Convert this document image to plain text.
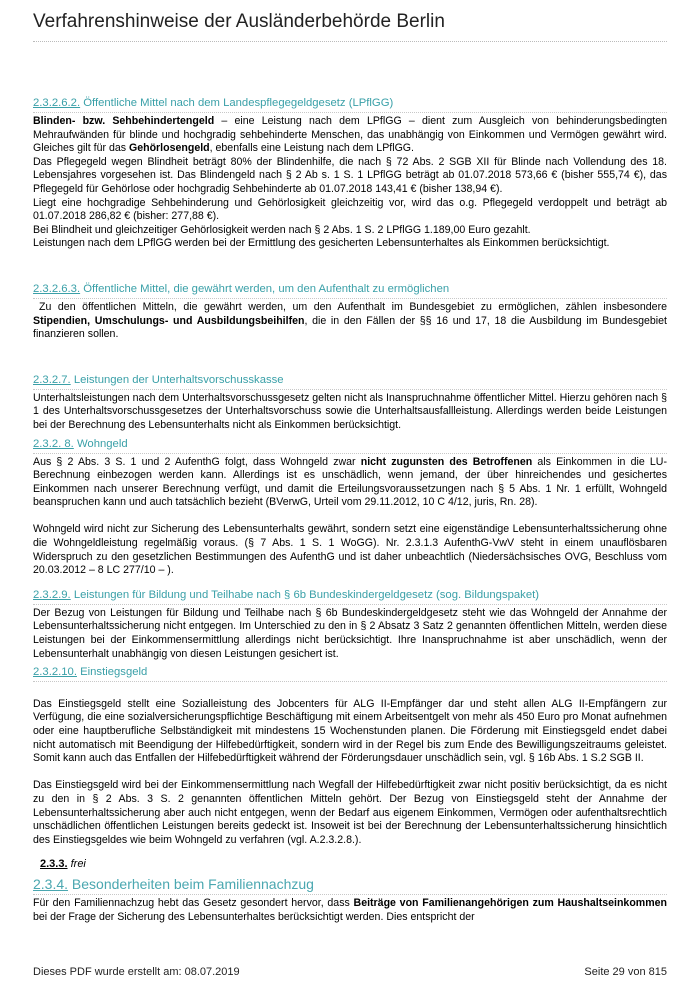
Verfahrenshinweise der Ausländerbehörde Berlin
2.3.2.6.2. Öffentliche Mittel nach dem Landespflegegeldgesetz (LPflGG)

Blinden- bzw. Sehbehindertengeld – eine Leistung nach dem LPflGG – dient zum Ausgleich von behinderungsbedingten Mehraufwänden für blinde und hochgradig sehbehinderte Menschen, das unabhängig von Einkommen und Vermögen gewährt wird. Gleiches gilt für das Gehörlosengeld, ebenfalls eine Leistung nach dem LPflGG.

Das Pflegegeld wegen Blindheit beträgt 80% der Blindenhilfe, die nach § 72 Abs. 2 SGB XII für Blinde nach Vollendung des 18. Lebensjahres vorgesehen ist. Das Blindengeld nach § 2 Ab s. 1 S. 1 LPflGG beträgt ab 01.07.2018 573,66 € (bisher 555,74 €), das Pflegegeld für Gehörlose oder hochgradig Sehbehinderte ab 01.07.2018 143,41 € (bisher 138,94 €).

Liegt eine hochgradige Sehbehinderung und Gehörlosigkeit gleichzeitig vor, wird das o.g. Pflegegeld verdoppelt und beträgt ab 01.07.2018 286,82 € (bisher: 277,88 €).

Bei Blindheit und gleichzeitiger Gehörlosigkeit werden nach § 2 Abs. 1 S. 2 LPflGG 1.189,00 Euro gezahlt.

Leistungen nach dem LPflGG werden bei der Ermittlung des gesicherten Lebensunterhaltes als Einkommen berücksichtigt.

2.3.2.6.3. Öffentliche Mittel, die gewährt werden, um den Aufenthalt zu ermöglichen

Zu den öffentlichen Mitteln, die gewährt werden, um den Aufenthalt im Bundesgebiet zu ermöglichen, zählen insbesondere Stipendien, Umschulungs- und Ausbildungsbeihilfen, die in den Fällen der §§ 16 und 17, 18 die Ausbildung im Bundesgebiet finanzieren sollen.

2.3.2.7. Leistungen der Unterhaltsvorschusskasse

Unterhaltsleistungen nach dem Unterhaltsvorschussgesetz gelten nicht als Inanspruchnahme öffentlicher Mittel. Hierzu gehören nach § 1 des Unterhaltsvorschussgesetzes der Unterhaltsvorschuss sowie die Unterhaltsausfallleistung. Allerdings werden beide Leistungen bei der Berechnung des Lebensunterhalts nicht als Einkommen berücksichtigt.

2.3.2. 8. Wohngeld

Aus § 2 Abs. 3 S. 1 und 2 AufenthG folgt, dass Wohngeld zwar nicht zugunsten des Betroffenen als Einkommen in die LU- Berechnung einbezogen werden kann. Allerdings ist es unschädlich, wenn jemand, der über hinreichendes und gesichertes Einkommen nach unserer Berechnung verfügt, und damit die Erteilungsvoraussetzungen nach § 5 Abs. 1 Nr. 1 erfüllt, Wohngeld beanspruchen kann und auch tatsächlich bezieht (BVerwG, Urteil vom 29.11.2012, 10 C 4/12, juris, Rn. 28).

Wohngeld wird nicht zur Sicherung des Lebensunterhalts gewährt, sondern setzt eine eigenständige Lebensunterhaltssicherung ohne die Wohngeldleistung regelmäßig voraus. (§ 7 Abs. 1 S. 1 WoGG). Nr. 2.3.1.3 AufenthG-VwV steht in einem unauflösbaren Widerspruch zu den gesetzlichen Bestimmungen des AufenthG und ist daher unbeachtlich (Niedersächsisches OVG, Beschluss vom 20.03.2012 – 8 LC 277/10 – ).

2.3.2.9. Leistungen für Bildung und Teilhabe nach § 6b Bundeskindergeldgesetz (sog. Bildungspaket)

Der Bezug von Leistungen für Bildung und Teilhabe nach § 6b Bundeskindergeldgesetz steht wie das Wohngeld der Annahme der Lebensunterhaltssicherung nicht entgegen. Im Unterschied zu den in § 2 Absatz 3 Satz 2 genannten öffentlichen Mitteln, werden diese Leistungen bei der Einkommensermittlung allerdings nicht berücksichtigt. Ihre Inanspruchnahme ist aber unschädlich, wenn der Lebensunterhalt unabhängig von diesen Leistungen gesichert ist.

2.3.2.10. Einstiegsgeld

Das Einstiegsgeld stellt eine Sozialleistung des Jobcenters für ALG II-Empfänger dar und steht allen ALG II-Empfängern zur Verfügung, die eine sozialversicherungspflichtige Beschäftigung mit einem Arbeitsentgelt von mehr als 450 Euro pro Monat aufnehmen oder eine hauptberufliche Selbständigkeit mit mindestens 15 Wochenstunden planen. Die Förderung mit Einstiegsgeld endet dabei nicht automatisch mit Beendigung der Hilfebedürftigkeit, sondern wird in der Regel bis zum Ende des Bewilligungszeitraums geleistet. Somit kann auch das Entfallen der Hilfebedürftigkeit während der Förderungsdauer unschädlich sein, vgl. § 16b Abs. 1 S.2 SGB II.

Das Einstiegsgeld wird bei der Einkommensermittlung nach Wegfall der Hilfebedürftigkeit zwar nicht positiv berücksichtigt, da es nicht zu den in § 2 Abs. 3 S. 2 genannten öffentlichen Mitteln gehört. Der Bezug von Einstiegsgeld steht der Annahme der Lebensunterhaltssicherung aber auch nicht entgegen, wenn der Bedarf aus eigenem Einkommen, Vermögen oder aufenthaltsrechtlich unschädlichen öffentlichen Leistungen bereits gedeckt ist. Insoweit ist bei der Berechnung der Lebensunterhaltssicherung hinsichtlich des Einstiegsgeldes wie beim Wohngeld zu verfahren (vgl. A.2.3.2.8.).

2.3.3. frei
2.3.4. Besonderheiten beim Familiennachzug

Für den Familiennachzug hebt das Gesetz gesondert hervor, dass Beiträge von Familienangehörigen zum Haushaltseinkommen bei der Frage der Sicherung des Lebensunterhaltes berücksichtigt werden. Dies entspricht der

Dieses PDF wurde erstellt am: 08.07.2019	Seite 29 von 815
